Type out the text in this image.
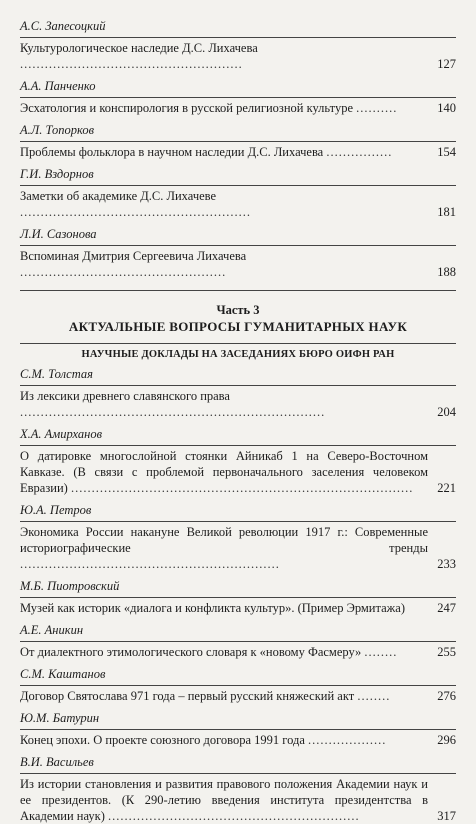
А.С. Запесоцкий
Культурологическое наследие Д.С. Лихачева ......................................................	127
А.А. Панченко
Эсхатология и конспирология в русской религиозной культуре ..........	140
А.Л. Топорков
Проблемы фольклора в научном наследии Д.С. Лихачева ................	154
Г.И. Вздорнов
Заметки об академике Д.С. Лихачеве ........................................................	181
Л.И. Сазонова
Вспоминая Дмитрия Сергеевича Лихачева ..................................................	188
Часть 3
АКТУАЛЬНЫЕ ВОПРОСЫ ГУМАНИТАРНЫХ НАУК
НАУЧНЫЕ ДОКЛАДЫ НА ЗАСЕДАНИЯХ БЮРО ОИФН РАН
С.М. Толстая
Из лексики древнего славянского права ..........................................................................	204
Х.А. Амирханов
О датировке многослойной стоянки Айникаб 1 на Северо-Восточном Кавказе. (В связи с проблемой первоначального заселения человеком Евразии) ...................................................................................	221
Ю.А. Петров
Экономика России накануне Великой революции 1917 г.: Современные историографические тренды ...............................................................	233
М.Б. Пиотровский
Музей как историк «диалога и конфликта культур». (Пример Эрмитажа)	247
А.Е. Аникин
От диалектного этимологического словаря к «новому Фасмеру» ........	255
С.М. Каштанов
Договор Святослава 971 года – первый русский княжеский акт ........	276
Ю.М. Батурин
Конец эпохи. О проекте союзного договора 1991 года ...................	296
В.И. Васильев
Из истории становления и развития правового положения Академии наук и ее президентов. (К 290-летию введения института президентства в Академии наук) .............................................................	317
